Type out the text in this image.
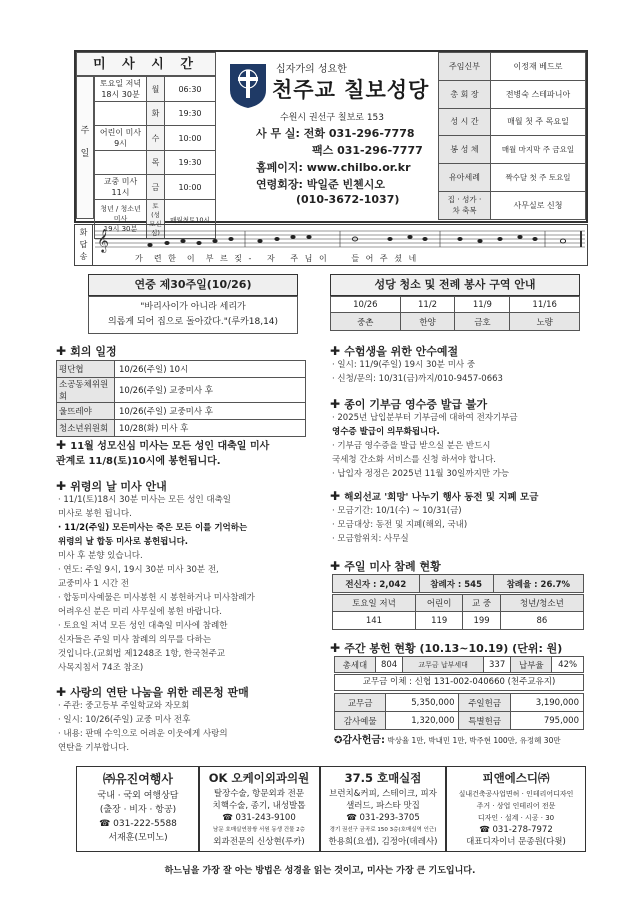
미 사 시 간
주

일
토요일 저녁
18시 30분	월	06:30
	화	19:30
어린이 미사
9시	수	10:00
	목	19:30
교중 미사
11시	금	10:00
청년 / 청소년 미사
19시 30분	토
(성모신심)	매월첫토10시
십자가의 성요한
천주교 칠보성당
수원시 권선구 칠보로 153
사 무 실: 전화 031-296-7778
팩스 031-296-7777
홈페이지: www.chilbo.or.kr
연령회장: 박일준 빈첸시오
(010-3672-1037)
주임신부	이정재 베드로
총 회 장	전병숙 스테파니아
성 시 간	매월 첫 주 목요일
봉 성 체	매월 마지막 주 금요일
유아세례	짝수달 첫 주 토요일
집 · 성가 ·
차 축복	사무실로 신청
화
답
송
𝄞
가  련 한  이  부 르 짖 -   자   주 님 이     들 어 주 셨 네
연중 제30주일(10/26)
"바리사이가 아니라 세리가
의롭게 되어 집으로 돌아갔다."(루카18,14)
성당 청소 및 전례 봉사 구역 안내
10/26	11/2	11/9	11/16
중촌	한양	금호	노량
✚ 회의 일정
평단협	10/26(주일) 10시
소공동체위원회	10/26(주일) 교중미사 후
울뜨레야	10/26(주일) 교중미사 후
청소년위원회	10/28(화) 미사 후
✚ 11월 성모신심 미사는 모든 성인 대축일 미사
관계로 11/8(토)10시에 봉헌됩니다.
✚ 위령의 날 미사 안내
· 11/1(토)18시 30분 미사는 모든 성인 대축일
미사로 봉헌 됩니다.
· 11/2(주일) 모든미사는 죽은 모든 이를 기억하는
위령의 날 합동 미사로 봉헌됩니다.
미사 후 분향 있습니다.
· 연도: 주일 9시, 19시 30분 미사 30분 전,
교중미사 1 시간 전
· 합동미사예물은 미사봉헌 시 봉헌하거나 미사참례가
어려우신 분은 미리 사무실에 봉헌 바랍니다.
· 토요일 저녁 모든 성인 대축일 미사에 참례한
신자들은 주일 미사 참례의 의무를 다하는
것입니다.(교회법 제1248조 1항, 한국천주교
사목지침서 74조 참조)
✚ 사랑의 연탄 나눔을 위한 레몬청 판매
· 주관: 중고등부 주일학교와 자모회
· 일시: 10/26(주일) 교중 미사 전후
· 내용: 판매 수익으로 어려운 이웃에게 사랑의
연탄을 기부합니다.
✚ 수험생을 위한 안수예절
· 일시: 11/9(주일) 19시 30분 미사 중
· 신청/문의: 10/31(금)까지/010-9457-0663
✚ 종이 기부금 영수증 발급 불가
· 2025년 납입분부터 기부금에 대하여 전자기부금
영수증 발급이 의무화됩니다.
· 기부금 영수증을 발급 받으실 분은 반드시
국세청 간소화 서비스를 신청 하셔야 합니다.
· 납입자 정정은 2025년 11월 30일까지만 가능
✚ 해외선교 '희망' 나누기 행사 동전 및 지폐 모금
· 모금기간: 10/1(수) ~ 10/31(금)
· 모금대상: 동전 및 지폐(해외, 국내)
· 모금함위치: 사무실
✚ 주일 미사 참례 현황
전신자 : 2,042	참례자 : 545	참례율 : 26.7%
토요일 저녁	어린이	교 중	청년/청소년
141	119	199	86
✚ 주간 봉헌 현황 (10.13~10.19) (단위: 원)
총세대	804	교무금 납부세대	337	납부율	42%
교무금 이체 : 신협 131-002-040660 (천주교유지)
교무금	5,350,000	주일헌금	3,190,000
감사예물	1,320,000	특별헌금	795,000
✪감사헌금: 박상율 1만, 박내민 1만, 박주현 100만, 유정혜 30만
㈜유진여행사
국내 · 국외 여행상담
(출장 · 비자 · 항공)
☎ 031-222-5588
서재훈(모미노)
OK 오케이외과의원
탈장수술, 항문외과 전문
치핵수술, 종기, 내성발톱
☎ 031-243-9100
남문 호매실연장쌍 서원 동생 건물 2층
외과전문의 신상현(루카)
37.5 호매실점
브런치&커피, 스테이크, 피자
샐러드, 파스타 맛집
☎ 031-293-3705
경기 권선구 금곡로 150 3층(호매실역 인근)
한용희(요셉), 김정아(데레사)
피앤에스디㈜
실내건축공사업면허 · 인테리어디자인
주거 · 상업 인테리어 전문
디자인 · 설계 · 시공 · 30
☎ 031-278-7972
대표디자이너 문종원(다윗)
하느님을 가장 잘 아는 방법은 성경을 읽는 것이고, 미사는 가장 큰 기도입니다.
